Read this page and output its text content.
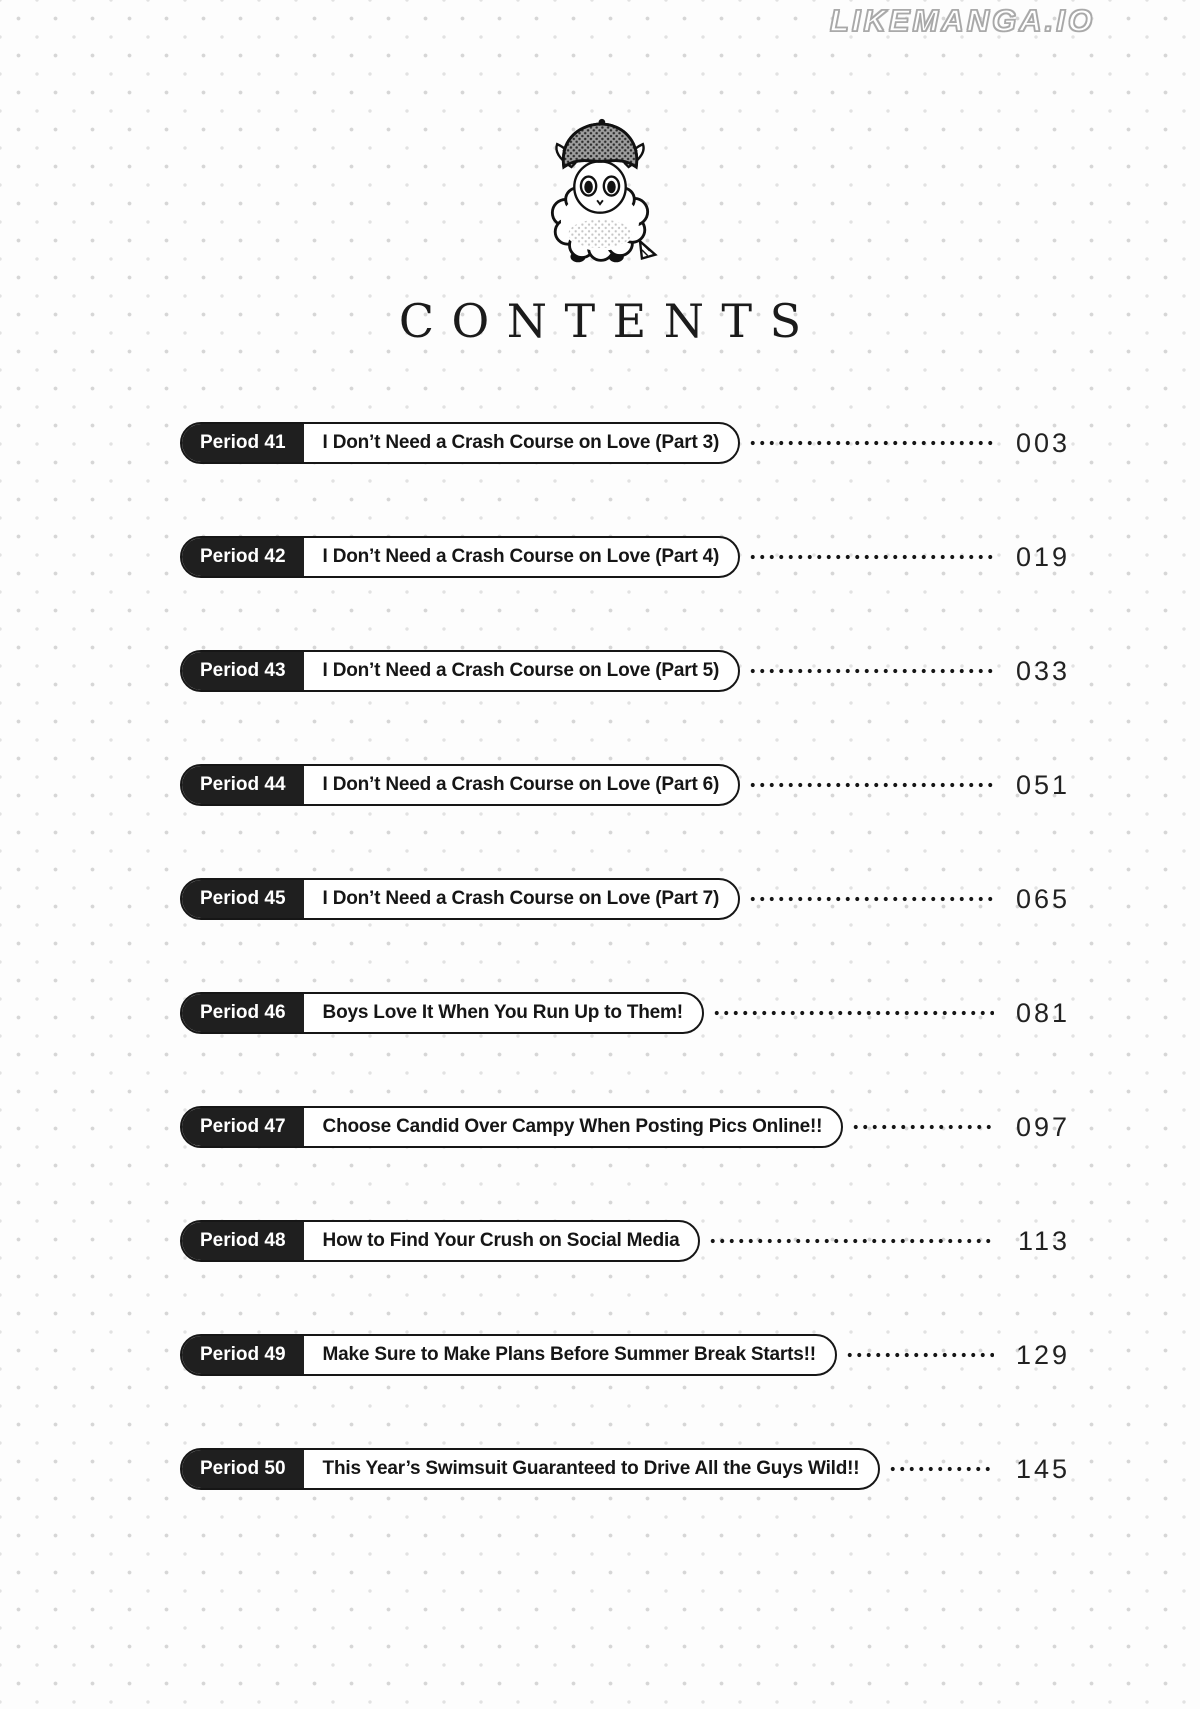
LIKEMANGA.IO
CONTENTS
Period 41	I Don’t Need a Crash Course on Love (Part 3)	003
Period 42	I Don’t Need a Crash Course on Love (Part 4)	019
Period 43	I Don’t Need a Crash Course on Love (Part 5)	033
Period 44	I Don’t Need a Crash Course on Love (Part 6)	051
Period 45	I Don’t Need a Crash Course on Love (Part 7)	065
Period 46	Boys Love It When You Run Up to Them!	081
Period 47	Choose Candid Over Campy When Posting Pics Online!!	097
Period 48	How to Find Your Crush on Social Media	113
Period 49	Make Sure to Make Plans Before Summer Break Starts!!	129
Period 50	This Year’s Swimsuit Guaranteed to Drive All the Guys Wild!!	145
